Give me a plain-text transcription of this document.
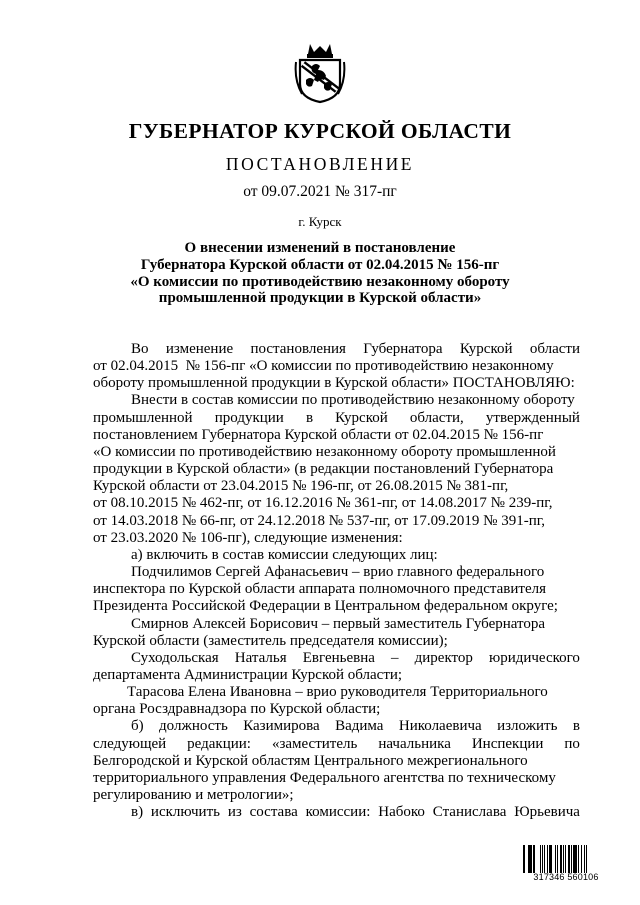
ГУБЕРНАТОР КУРСКОЙ ОБЛАСТИ
ПОСТАНОВЛЕНИЕ
от 09.07.2021 № 317-пг
г. Курск
О внесении изменений в постановление
Губернатора Курской области от 02.04.2015 № 156-пг
«О комиссии по противодействию незаконному обороту
промышленной продукции в Курской области»
Во изменение постановления Губернатора Курской области
от 02.04.2015  № 156-пг «О комиссии по противодействию незаконному
обороту промышленной продукции в Курской области» ПОСТАНОВЛЯЮ:
Внести в состав комиссии по противодействию незаконному обороту
промышленной продукции в Курской области, утвержденный
постановлением Губернатора Курской области от 02.04.2015 № 156-пг
«О комиссии по противодействию незаконному обороту промышленной
продукции в Курской области» (в редакции постановлений Губернатора
Курской области от 23.04.2015 № 196-пг, от 26.08.2015 № 381-пг,
от 08.10.2015 № 462-пг, от 16.12.2016 № 361-пг, от 14.08.2017 № 239-пг,
от 14.03.2018 № 66-пг, от 24.12.2018 № 537-пг, от 17.09.2019 № 391-пг,
от 23.03.2020 № 106-пг), следующие изменения:
а) включить в состав комиссии следующих лиц:
Подчилимов Сергей Афанасьевич – врио главного федерального
инспектора по Курской области аппарата полномочного представителя
Президента Российской Федерации в Центральном федеральном округе;
Смирнов Алексей Борисович – первый заместитель Губернатора
Курской области (заместитель председателя комиссии);
Суходольская Наталья Евгеньевна – директор юридического
департамента Администрации Курской области;
Тарасова Елена Ивановна – врио руководителя Территориального
органа Росздравнадзора по Курской области;
б) должность Казимирова Вадима Николаевича изложить в
следующей редакции: «заместитель начальника Инспекции по
Белгородской и Курской областям Центрального межрегионального
территориального управления Федерального агентства по техническому
регулированию и метрологии»;
в) исключить из состава комиссии: Набоко Станислава Юрьевича
317346 560106
